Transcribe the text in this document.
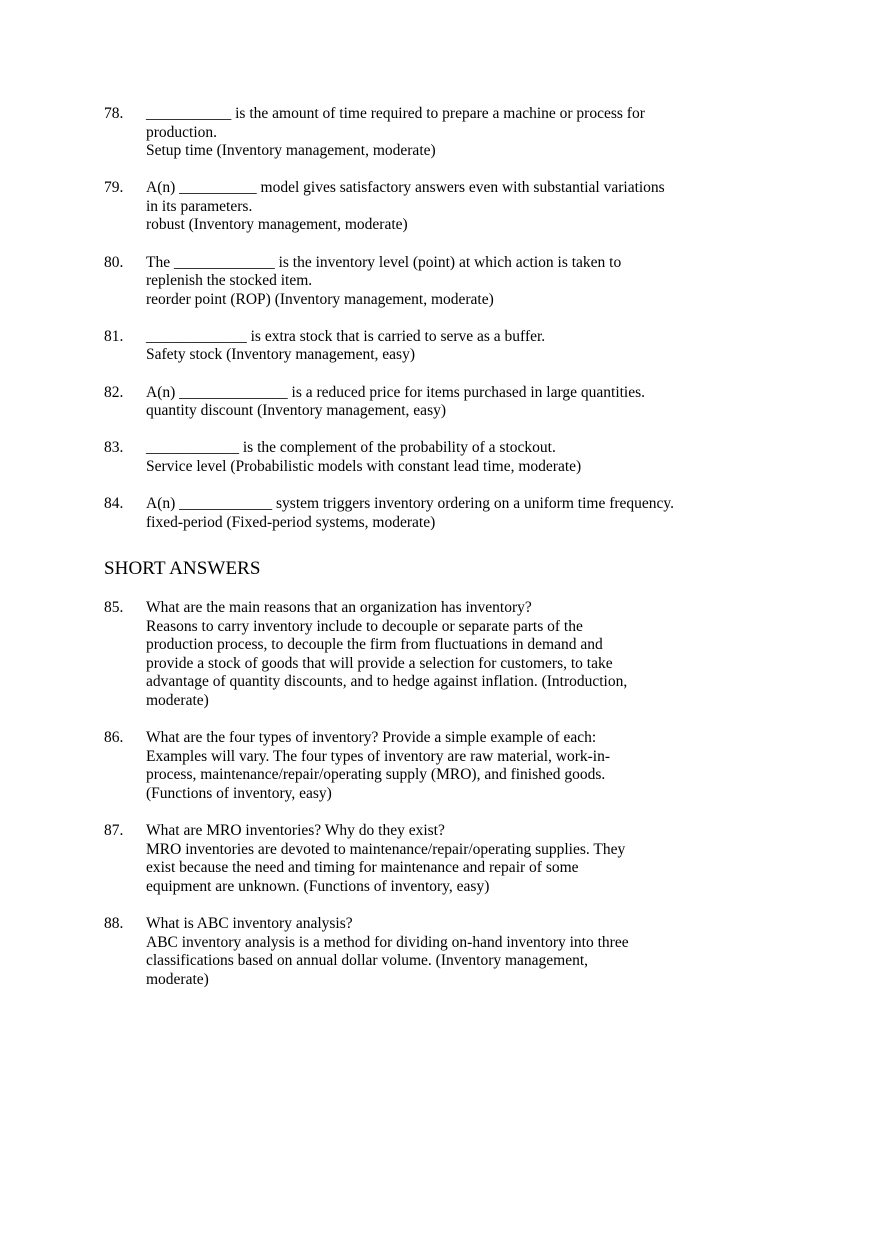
78.	___________ is the amount of time required to prepare a machine or process for
production.
Setup time (Inventory management, moderate)
79.	A(n) __________ model gives satisfactory answers even with substantial variations
in its parameters.
robust (Inventory management, moderate)
80.	The _____________ is the inventory level (point) at which action is taken to
replenish the stocked item.
reorder point (ROP) (Inventory management, moderate)
81.	_____________ is extra stock that is carried to serve as a buffer.
Safety stock (Inventory management, easy)
82.	A(n) ______________ is a reduced price for items purchased in large quantities.
quantity discount (Inventory management, easy)
83.	____________ is the complement of the probability of a stockout.
Service level (Probabilistic models with constant lead time, moderate)
84.	A(n) ____________ system triggers inventory ordering on a uniform time frequency.
fixed-period (Fixed-period systems, moderate)
SHORT ANSWERS
85.	What are the main reasons that an organization has inventory?
Reasons to carry inventory include to decouple or separate parts of the
production process, to decouple the firm from fluctuations in demand and
provide a stock of goods that will provide a selection for customers, to take
advantage of quantity discounts, and to hedge against inflation. (Introduction,
moderate)
86.	What are the four types of inventory? Provide a simple example of each:
Examples will vary. The four types of inventory are raw material, work-in-
process, maintenance/repair/operating supply (MRO), and finished goods.
(Functions of inventory, easy)
87.	What are MRO inventories? Why do they exist?
MRO inventories are devoted to maintenance/repair/operating supplies. They
exist because the need and timing for maintenance and repair of some
equipment are unknown. (Functions of inventory, easy)
88.	What is ABC inventory analysis?
ABC inventory analysis is a method for dividing on-hand inventory into three
classifications based on annual dollar volume. (Inventory management,
moderate)
